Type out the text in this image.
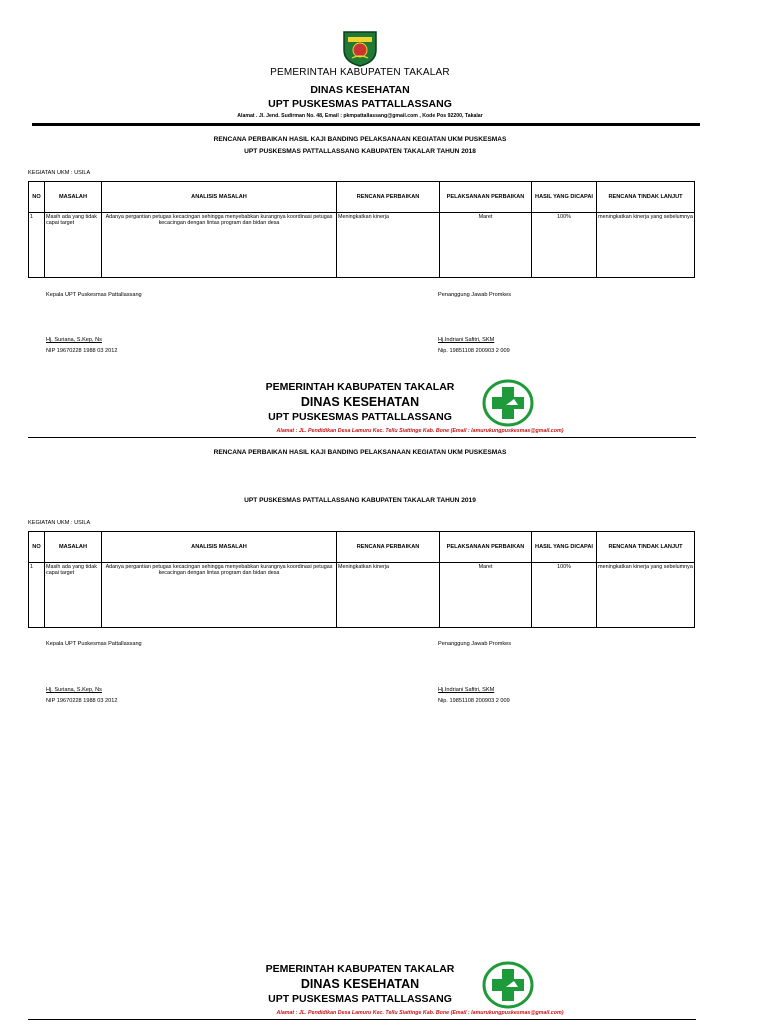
PEMERINTAH KABUPATEN TAKALAR
DINAS KESEHATAN
UPT PUSKESMAS PATTALLASSANG
Alamat . Jl. Jend. Sudirman No. 48, Email : pkmpattallassang@gmail.com , Kode Pos 92200, Takalar
RENCANA PERBAIKAN HASIL KAJI BANDING PELAKSANAAN KEGIATAN UKM PUSKESMAS
UPT PUSKESMAS PATTALLASSANG KABUPATEN TAKALAR TAHUN 2018
KEGIATAN UKM : USILA
NO	MASALAH	ANALISIS MASALAH	RENCANA PERBAIKAN	PELAKSANAAN PERBAIKAN	HASIL YANG DICAPAI	RENCANA TINDAK LANJUT
1	Masih ada yang tidak capai target	Adanya pergantian petugas kecacingan sehingga menyebabkan kurangnya koordinasi petugas kecacingan dengan lintas program dan bidan desa	Meningkatkan kinerja	Maret	100%	meningkatkan kinerja yang sebelumnya
Kepala UPT Puskesmas Pattallassang	Penanggung Jawab Promkes
Hj. Suriana, S.Kep, Ns
NIP 19670228 1988 03 2012
Hj.Indriani Safitri, SKM
Nip. 19851108 200903 2 009
PEMERINTAH KABUPATEN TAKALAR
DINAS KESEHATAN
UPT PUSKESMAS PATTALLASSANG
Alamat : JL. Pendidikan Desa Lamuru Kec. Tellu Siattinge Kab. Bone (Email : lamurukungpuskesmas@gmail.com)
RENCANA PERBAIKAN HASIL KAJI BANDING PELAKSANAAN KEGIATAN UKM PUSKESMAS
UPT PUSKESMAS PATTALLASSANG KABUPATEN TAKALAR TAHUN 2019
KEGIATAN UKM : USILA
NO	MASALAH	ANALISIS MASALAH	RENCANA PERBAIKAN	PELAKSANAAN PERBAIKAN	HASIL YANG DICAPAI	RENCANA TINDAK LANJUT
1	Masih ada yang tidak capai target	Adanya pergantian petugas kecacingan sehingga menyebabkan kurangnya koordinasi petugas kecacingan dengan lintas program dan bidan desa	Meningkatkan kinerja	Maret	100%	meningkatkan kinerja yang sebelumnya
Kepala UPT Puskesmas Pattallassang	Penanggung Jawab Promkes
Hj. Suriana, S.Kep, Ns
NIP 19670228 1988 03 2012
Hj.Indriani Safitri, SKM
Nip. 19851108 200903 2 009
PEMERINTAH KABUPATEN TAKALAR
DINAS KESEHATAN
UPT PUSKESMAS PATTALLASSANG
Alamat : JL. Pendidikan Desa Lamuru Kec. Tellu Siattinge Kab. Bone (Email : lamurukungpuskesmas@gmail.com)
